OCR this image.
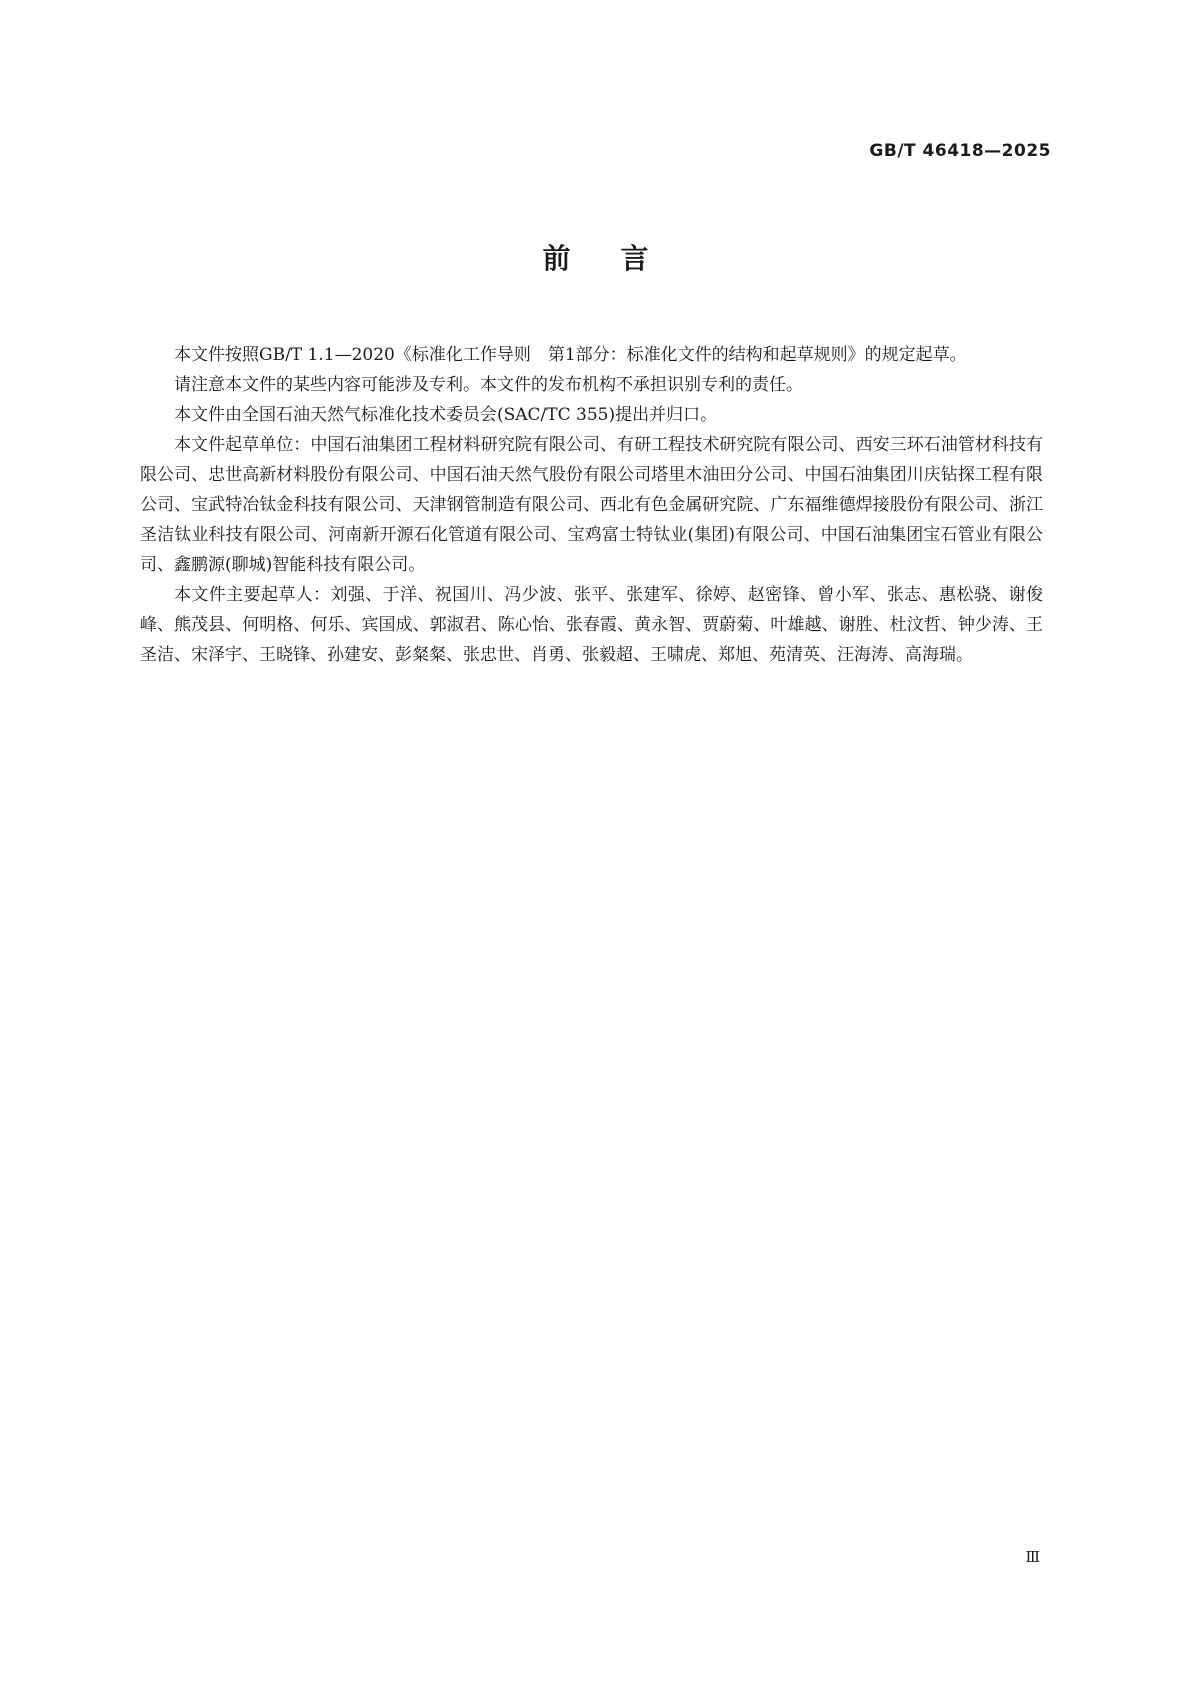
GB/T 46418—2025
前言

本文件按照GB/T 1.1—2020《标准化工作导则　第1部分：标准化文件的结构和起草规则》的规定起草。

请注意本文件的某些内容可能涉及专利。本文件的发布机构不承担识别专利的责任。

本文件由全国石油天然气标准化技术委员会(SAC/TC 355)提出并归口。

本文件起草单位：中国石油集团工程材料研究院有限公司、有研工程技术研究院有限公司、西安三环石油管材科技有限公司、忠世高新材料股份有限公司、中国石油天然气股份有限公司塔里木油田分公司、中国石油集团川庆钻探工程有限公司、宝武特冶钛金科技有限公司、天津钢管制造有限公司、西北有色金属研究院、广东福维德焊接股份有限公司、浙江圣洁钛业科技有限公司、河南新开源石化管道有限公司、宝鸡富士特钛业(集团)有限公司、中国石油集团宝石管业有限公司、鑫鹏源(聊城)智能科技有限公司。

本文件主要起草人：刘强、于洋、祝国川、冯少波、张平、张建军、徐婷、赵密锋、曾小军、张志、惠松骁、谢俊峰、熊茂县、何明格、何乐、宾国成、郭淑君、陈心怡、张春霞、黄永智、贾蔚菊、叶雄越、谢胜、杜汶哲、钟少涛、王圣洁、宋泽宇、王晓锋、孙建安、彭粲粲、张忠世、肖勇、张毅超、王啸虎、郑旭、苑清英、汪海涛、高海瑞。

Ⅲ
